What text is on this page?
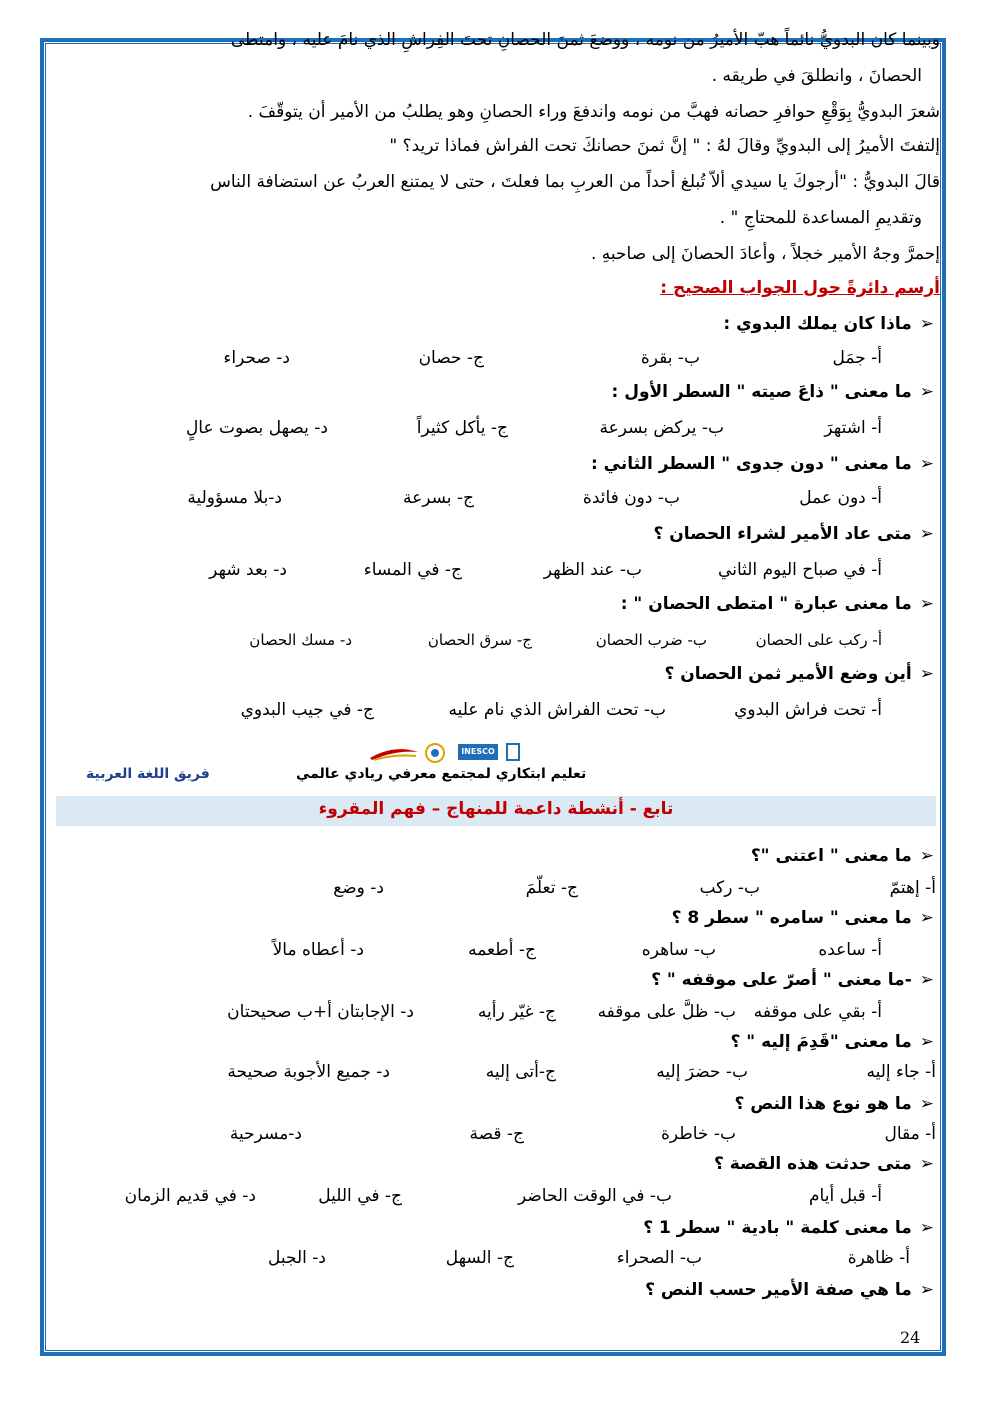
وبينما كان البدويُّ نائماً هبّ الأميرُ من نومه ، ووضعَ ثمنَ الحصانِ تحتَ الفِراشِ الذي نامَ عليه ، وامتطى
الحصانَ ، وانطلقَ في طريقه .
شعرَ البدويُّ بِوَقْعِ حوافرِ حصانه فهبَّ من نومه واندفعَ وراء الحصانِ وهو يطلبُ من الأمير أن يتوقّفَ .
إلتفتَ الأميرُ إلى البدويِّ وقالَ لهُ : " إنَّ ثمنَ حصانكَ تحت الفراش فماذا تريد؟ "
قالَ البدويُّ : "أرجوكَ يا سيدي ألاّ تُبلغ أحداً من العربِ بما فعلتَ ، حتى لا يمتنع العربُ عن استضافة الناس
وتقديمِ المساعدة للمحتاجِ " .
إحمرَّ وجهُ الأمير خجلاً ، وأعادَ الحصانَ إلى صاحبهِ .
أرسم دائرةً حول الجواب الصحيح :
➢ماذا كان يملك البدوي :
أ- جمَل
ب- بقرة
ج- حصان
د- صحراء
➢ما معنى " ذاعَ صيته " السطر الأول :
أ- اشتهرَ
ب- يركض بسرعة
ج- يأكل كثيراً
د- يصهل بصوت عالٍ
➢ما معنى " دون جدوى " السطر الثاني :
أ- دون عمل
ب- دون فائدة
ج- بسرعة
د-بلا مسؤولية
➢متى عاد الأمير لشراء الحصان ؟
أ- في صباح اليوم الثاني
ب- عند الظهر
ج- في المساء
د- بعد شهر
➢ما معنى عبارة " امتطى الحصان " :
أ- ركب على الحصان
ب- ضرب الحصان
ج- سرق الحصان
د- مسك الحصان
➢أين وضع الأمير ثمن الحصان ؟
أ- تحت فراش البدوي
ب- تحت الفراش الذي نام عليه
ج- في جيب البدوي
INESCO
تعليم ابتكاري لمجتمع معرفي ريادي عالمي
فريق اللغة العربية
تابع - أنشطة داعمة للمنهاج – فهم المقروء
➢ما معنى " اعتنى "؟
أ- إهتمّ
ب- ركب
ج- تعلّمَ
د- وضع
➢ما معنى " سامره " سطر 8 ؟
أ- ساعده
ب- ساهره
ج- أطعمه
د- أعطاه مالاً
➢-ما معنى " أصرّ على موقفه " ؟
أ- بقي على موقفه
ب- ظلَّ على موقفه
ج- غيّر رأيه
د- الإجابتان أ+ب صحيحتان
➢ما معنى "قَدِمَ إليه " ؟
أ- جاء إليه
ب- حضرَ إليه
ج-أتى إليه
د- جميع الأجوبة صحيحة
➢ما هو نوع هذا النص ؟
أ- مقال
ب- خاطرة
ج- قصة
د-مسرحية
➢متى حدثت هذه القصة ؟
أ- قبل أيام
ب- في الوقت الحاضر
ج- في الليل
د- في قديم الزمان
➢ما معنى كلمة " بادية " سطر 1 ؟
أ- ظاهرة
ب- الصحراء
ج- السهل
د- الجبل
➢ما هي صفة الأمير حسب النص ؟
24
